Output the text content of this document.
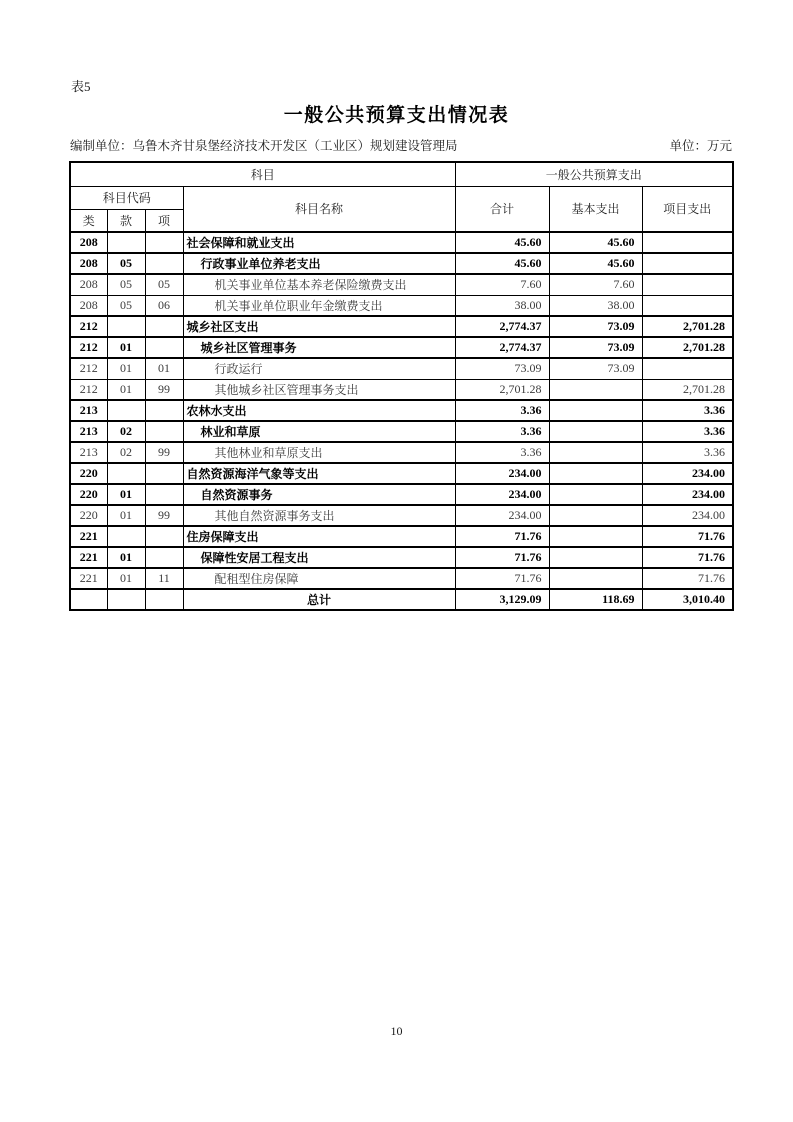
表5
一般公共预算支出情况表
编制单位：乌鲁木齐甘泉堡经济技术开发区（工业区）规划建设管理局	单位：万元
科目				一般公共预算支出		
科目代码			科目名称	合计	基本支出	项目支出
类	款	项				
208			社会保障和就业支出	45.60	45.60	
208	05		行政事业单位养老支出	45.60	45.60	
208	05	05	机关事业单位基本养老保险缴费支出	7.60	7.60	
208	05	06	机关事业单位职业年金缴费支出	38.00	38.00	
212			城乡社区支出	2,774.37	73.09	2,701.28
212	01		城乡社区管理事务	2,774.37	73.09	2,701.28
212	01	01	行政运行	73.09	73.09	
212	01	99	其他城乡社区管理事务支出	2,701.28		2,701.28
213			农林水支出	3.36		3.36
213	02		林业和草原	3.36		3.36
213	02	99	其他林业和草原支出	3.36		3.36
220			自然资源海洋气象等支出	234.00		234.00
220	01		自然资源事务	234.00		234.00
220	01	99	其他自然资源事务支出	234.00		234.00
221			住房保障支出	71.76		71.76
221	01		保障性安居工程支出	71.76		71.76
221	01	11	配租型住房保障	71.76		71.76
			总计	3,129.09	118.69	3,010.40
10
